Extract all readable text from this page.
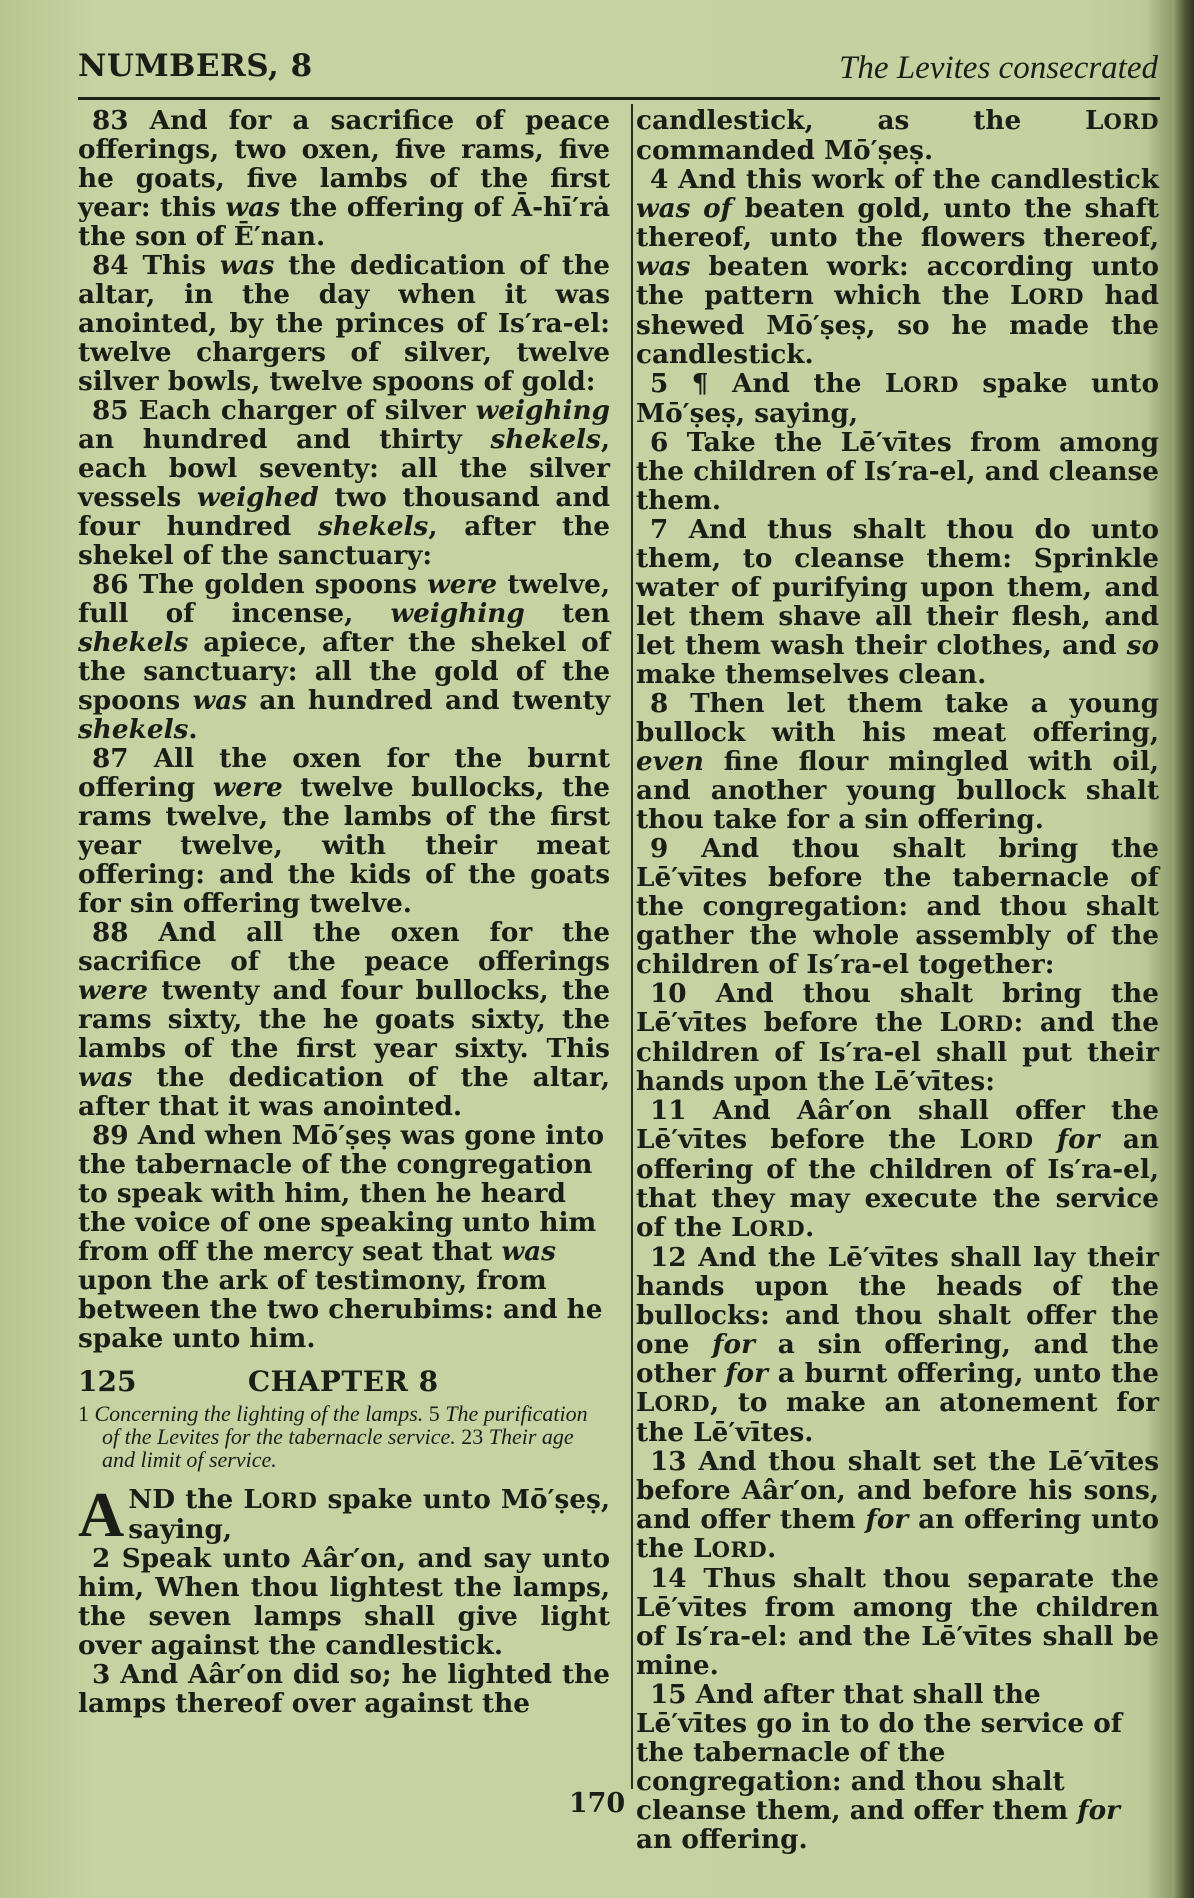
NUMBERS, 8	The Levites consecrated

83 And for a sacrifice of peace offerings, two oxen, five rams, five he goats, five lambs of the first year: this was the offering of Ā-hī′rȧ the son of Ē′nan.

84 This was the dedication of the altar, in the day when it was anointed, by the princes of Is′ra-el: twelve chargers of silver, twelve silver bowls, twelve spoons of gold:

85 Each charger of silver weighing an hundred and thirty shekels, each bowl seventy: all the silver vessels weighed two thousand and four hundred shekels, after the shekel of the sanctuary:

86 The golden spoons were twelve, full of incense, weighing ten shekels apiece, after the shekel of the sanctuary: all the gold of the spoons was an hundred and twenty shekels.

87 All the oxen for the burnt offering were twelve bullocks, the rams twelve, the lambs of the first year twelve, with their meat offering: and the kids of the goats for sin offering twelve.

88 And all the oxen for the sacrifice of the peace offerings were twenty and four bullocks, the rams sixty, the he goats sixty, the lambs of the first year sixty. This was the dedication of the altar, after that it was anointed.

89 And when Mō′ṣeṣ was gone into the tabernacle of the congregation to speak with him, then he heard the voice of one speaking unto him from off the mercy seat that was upon the ark of testimony, from between the two cherubims: and he spake unto him.

125	CHAPTER 8
1 Concerning the lighting of the lamps. 5 The purification of the Levites for the tabernacle service. 23 Their age and limit of service.

AND the LORD spake unto Mō′ṣeṣ, saying,

2 Speak unto Aâr′on, and say unto him, When thou lightest the lamps, the seven lamps shall give light over against the candlestick.

3 And Aâr′on did so; he lighted the lamps thereof over against the

candlestick, as the LORD commanded Mō′ṣeṣ.

4 And this work of the candlestick was of beaten gold, unto the shaft thereof, unto the flowers thereof, was beaten work: according unto the pattern which the LORD had shewed Mō′ṣeṣ, so he made the candlestick.

5 ¶ And the LORD spake unto Mō′ṣeṣ, saying,

6 Take the Lē′vītes from among the children of Is′ra-el, and cleanse them.

7 And thus shalt thou do unto them, to cleanse them: Sprinkle water of purifying upon them, and let them shave all their flesh, and let them wash their clothes, and so make themselves clean.

8 Then let them take a young bullock with his meat offering, even fine flour mingled with oil, and another young bullock shalt thou take for a sin offering.

9 And thou shalt bring the Lē′vītes before the tabernacle of the congregation: and thou shalt gather the whole assembly of the children of Is′ra-el together:

10 And thou shalt bring the Lē′vītes before the LORD: and the children of Is′ra-el shall put their hands upon the Lē′vītes:

11 And Aâr′on shall offer the Lē′vītes before the LORD for an offering of the children of Is′ra-el, that they may execute the service of the LORD.

12 And the Lē′vītes shall lay their hands upon the heads of the bullocks: and thou shalt offer the one for a sin offering, and the other for a burnt offering, unto the LORD, to make an atonement for the Lē′vītes.

13 And thou shalt set the Lē′vītes before Aâr′on, and before his sons, and offer them for an offering unto the LORD.

14 Thus shalt thou separate the Lē′vītes from among the children of Is′ra-el: and the Lē′vītes shall be mine.

15 And after that shall the Lē′vītes go in to do the service of the tabernacle of the congregation: and thou shalt cleanse them, and offer them for an offering.

170
